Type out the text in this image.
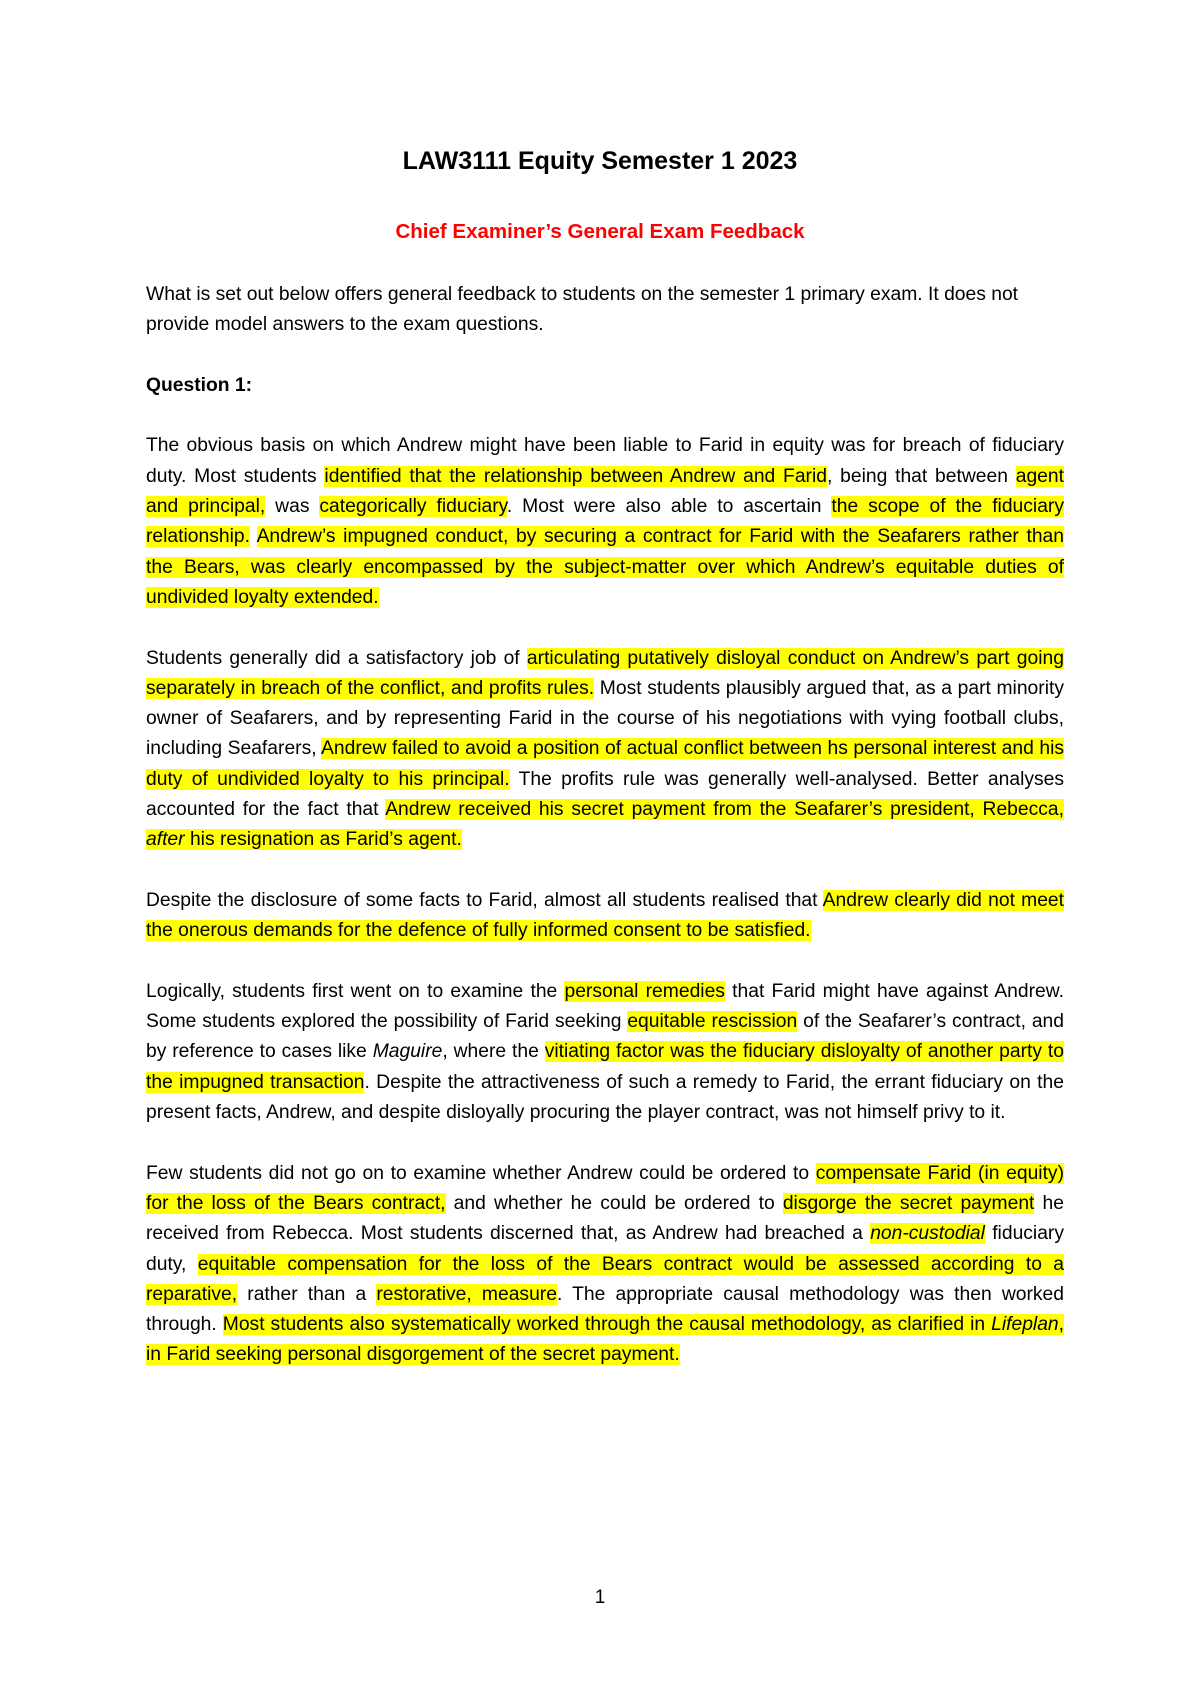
LAW3111 Equity Semester 1 2023
Chief Examiner’s General Exam Feedback

What is set out below offers general feedback to students on the semester 1 primary exam. It does not provide model answers to the exam questions.

Question 1:

The obvious basis on which Andrew might have been liable to Farid in equity was for breach of fiduciary duty. Most students identified that the relationship between Andrew and Farid, being that between agent and principal, was categorically fiduciary. Most were also able to ascertain the scope of the fiduciary relationship. Andrew’s impugned conduct, by securing a contract for Farid with the Seafarers rather than the Bears, was clearly encompassed by the subject-matter over which Andrew’s equitable duties of undivided loyalty extended.

Students generally did a satisfactory job of articulating putatively disloyal conduct on Andrew’s part going separately in breach of the conflict, and profits rules. Most students plausibly argued that, as a part minority owner of Seafarers, and by representing Farid in the course of his negotiations with vying football clubs, including Seafarers, Andrew failed to avoid a position of actual conflict between hs personal interest and his duty of undivided loyalty to his principal. The profits rule was generally well-analysed. Better analyses accounted for the fact that Andrew received his secret payment from the Seafarer’s president, Rebecca, after his resignation as Farid’s agent.

Despite the disclosure of some facts to Farid, almost all students realised that Andrew clearly did not meet the onerous demands for the defence of fully informed consent to be satisfied.

Logically, students first went on to examine the personal remedies that Farid might have against Andrew. Some students explored the possibility of Farid seeking equitable rescission of the Seafarer’s contract, and by reference to cases like Maguire, where the vitiating factor was the fiduciary disloyalty of another party to the impugned transaction. Despite the attractiveness of such a remedy to Farid, the errant fiduciary on the present facts, Andrew, and despite disloyally procuring the player contract, was not himself privy to it.

Few students did not go on to examine whether Andrew could be ordered to compensate Farid (in equity) for the loss of the Bears contract, and whether he could be ordered to disgorge the secret payment he received from Rebecca. Most students discerned that, as Andrew had breached a non-custodial fiduciary duty, equitable compensation for the loss of the Bears contract would be assessed according to a reparative, rather than a restorative, measure. The appropriate causal methodology was then worked through. Most students also systematically worked through the causal methodology, as clarified in Lifeplan, in Farid seeking personal disgorgement of the secret payment.

1
